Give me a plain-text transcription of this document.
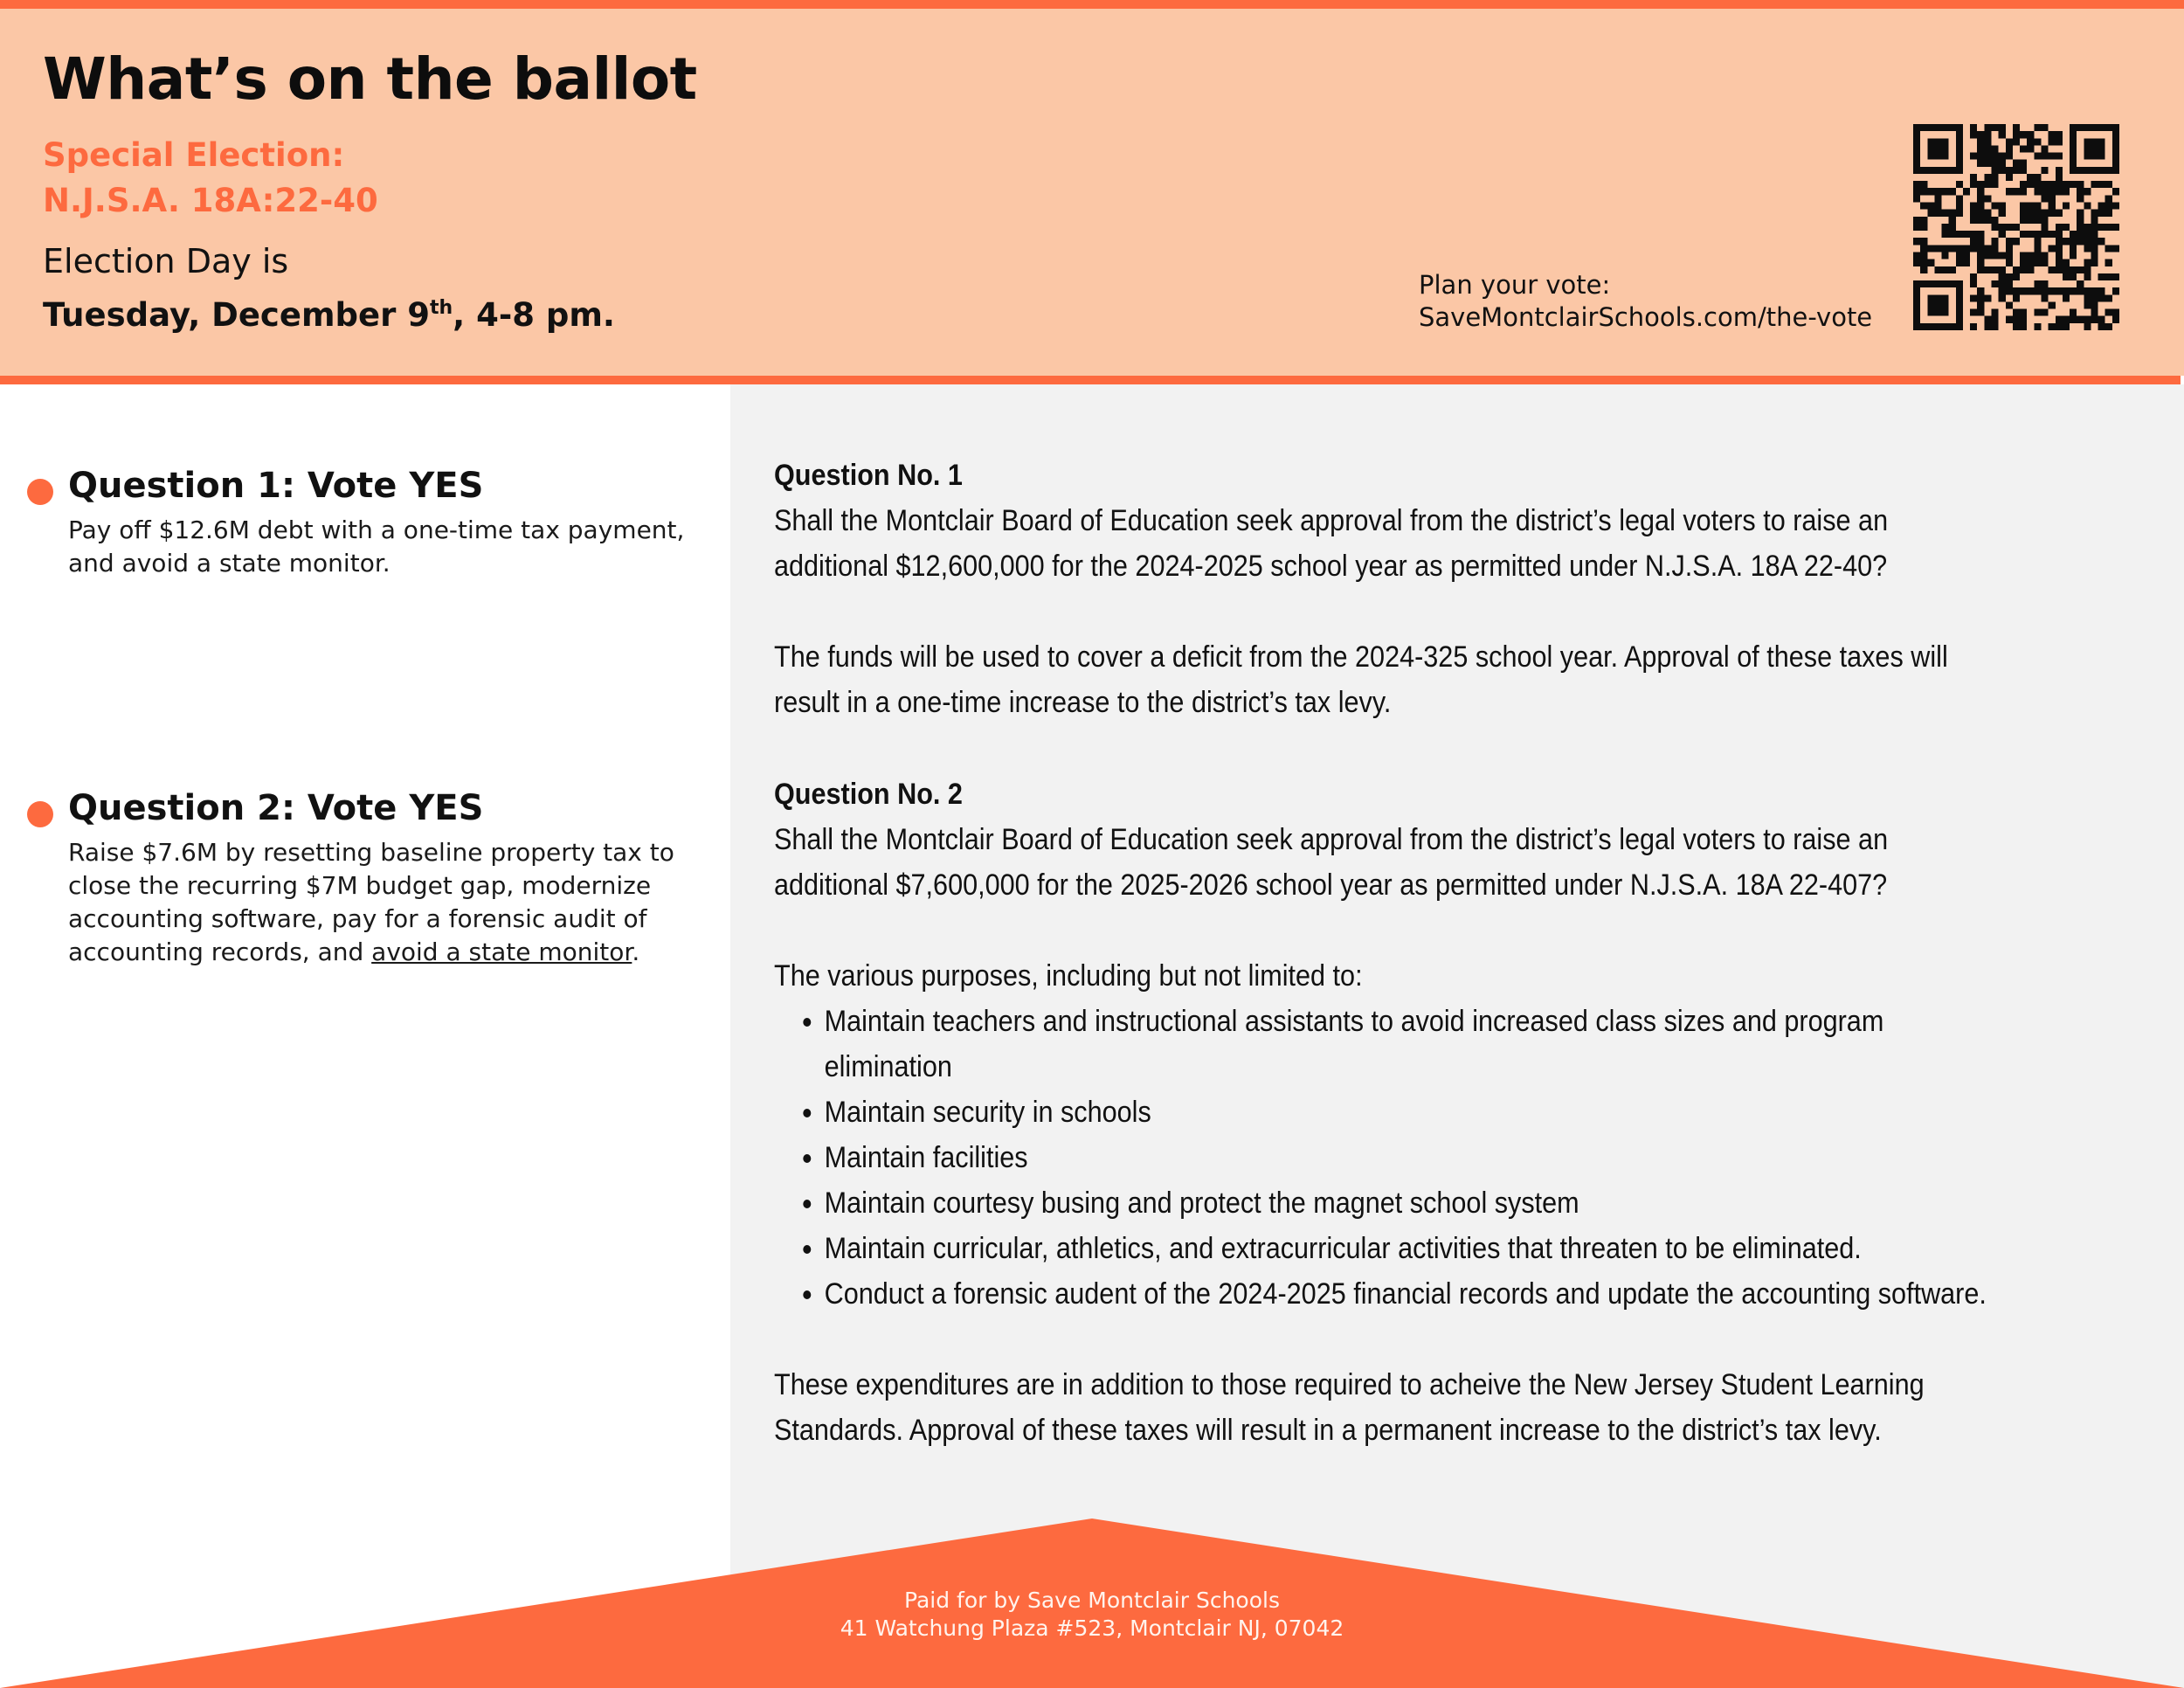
What’s on the ballot
Special Election:
N.J.S.A. 18A:22-40
Election Day is
Tuesday, December 9th, 4-8 pm.
Plan your vote:
SaveMontclairSchools.com/the-vote
Question 1: Vote YES
Pay off $12.6M debt with a one-time tax payment,
and avoid a state monitor.
Question 2: Vote YES
Raise $7.6M by resetting baseline property tax to
close the recurring $7M budget gap, modernize
accounting software, pay for a forensic audit of
accounting records, and avoid a state monitor.
Question No. 1
Shall the Montclair Board of Education seek approval from the district’s legal voters to raise an
additional $12,600,000 for the 2024-2025 school year as permitted under N.J.S.A. 18A 22-40?
The funds will be used to cover a deficit from the 2024-325 school year. Approval of these taxes will
result in a one-time increase to the district’s tax levy.
Question No. 2
Shall the Montclair Board of Education seek approval from the district’s legal voters to raise an
additional $7,600,000 for the 2025-2026 school year as permitted under N.J.S.A. 18A 22-407?
The various purposes, including but not limited to:
• Maintain teachers and instructional assistants to avoid increased class sizes and program
elimination
• Maintain security in schools
• Maintain facilities
• Maintain courtesy busing and protect the magnet school system
• Maintain curricular, athletics, and extracurricular activities that threaten to be eliminated.
• Conduct a forensic audent of the 2024-2025 financial records and update the accounting software.
These expenditures are in addition to those required to acheive the New Jersey Student Learning
Standards. Approval of these taxes will result in a permanent increase to the district’s tax levy.
Paid for by Save Montclair Schools
41 Watchung Plaza #523, Montclair NJ, 07042
